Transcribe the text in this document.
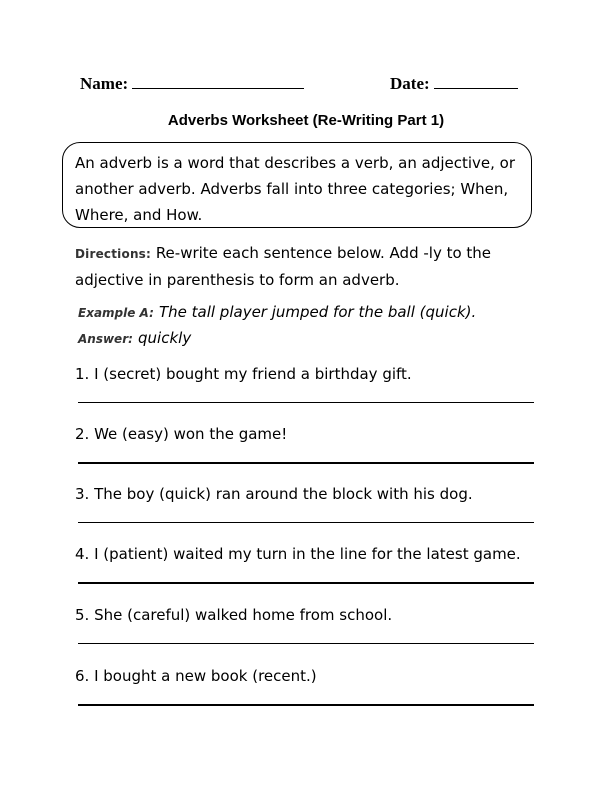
Name:	Date:
Adverbs Worksheet (Re-Writing Part 1)
An adverb is a word that describes a verb, an adjective, or another adverb. Adverbs fall into three categories; When, Where, and How.
Directions: Re-write each sentence below. Add -ly to the
adjective in parenthesis to form an adverb.
Example A: The tall player jumped for the ball (quick).
Answer: quickly
1. I (secret) bought my friend a birthday gift.
2. We (easy) won the game!
3. The boy (quick) ran around the block with his dog.
4. I (patient) waited my turn in the line for the latest game.
5. She (careful) walked home from school.
6. I bought a new book (recent.)
